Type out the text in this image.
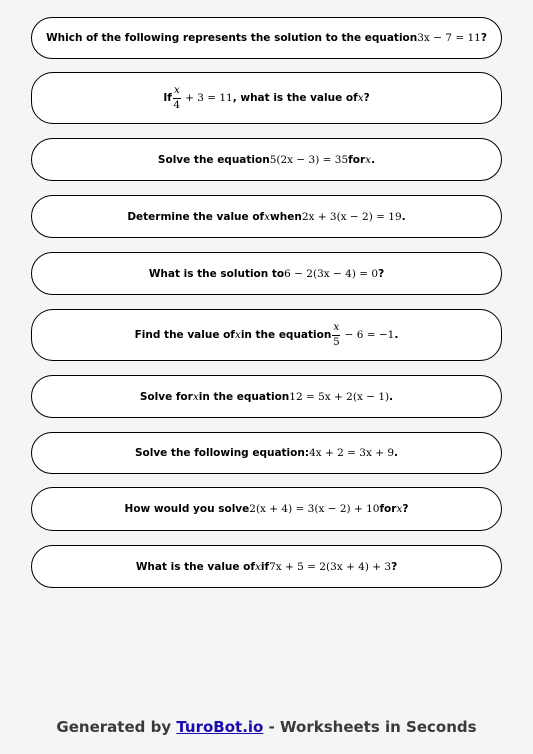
Which of the following represents the solution to the equation 3x − 7 = 11 ?
If $\frac{x}{4} + 3 = 11$ , what is the value of x ?
Solve the equation 5(2x − 3) = 35 for x .
Determine the value of x when 2x + 3(x − 2) = 19 .
What is the solution to 6 − 2(3x − 4) = 0 ?
Find the value of x in the equation $\frac{x}{5} - 6 = -1$ .
Solve for x in the equation 12 = 5x + 2(x − 1) .
Solve the following equation: 4x + 2 = 3x + 9 .
How would you solve 2(x + 4) = 3(x − 2) + 10 for x ?
What is the value of x if 7x + 5 = 2(3x + 4) + 3 ?
Generated by TuroBot.io - Worksheets in Seconds
